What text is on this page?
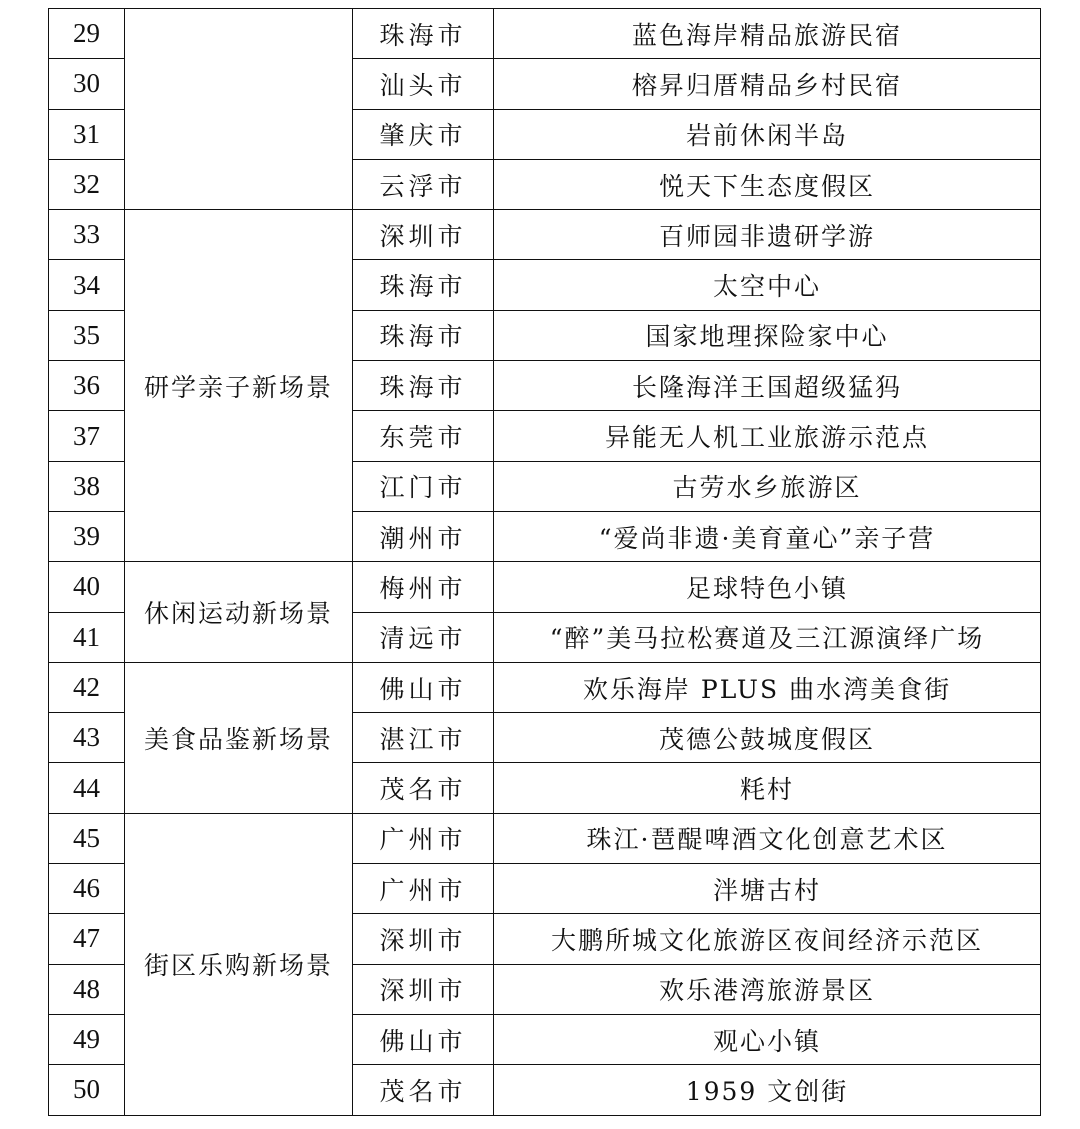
29		珠海市	蓝色海岸精品旅游民宿
30		汕头市	榕昇归厝精品乡村民宿
31		肇庆市	岩前休闲半岛
32		云浮市	悦天下生态度假区
33	研学亲子新场景	深圳市	百师园非遗研学游
34		珠海市	太空中心
35		珠海市	国家地理探险家中心
36		珠海市	长隆海洋王国超级猛犸
37		东莞市	异能无人机工业旅游示范点
38		江门市	古劳水乡旅游区
39		潮州市	“爱尚非遗·美育童心”亲子营
40	休闲运动新场景	梅州市	足球特色小镇
41		清远市	“醉”美马拉松赛道及三江源演绎广场
42	美食品鉴新场景	佛山市	欢乐海岸 PLUS 曲水湾美食街
43		湛江市	茂德公鼓城度假区
44		茂名市	粍村
45	街区乐购新场景	广州市	珠江·琶醍啤酒文化创意艺术区
46		广州市	泮塘古村
47		深圳市	大鹏所城文化旅游区夜间经济示范区
48		深圳市	欢乐港湾旅游景区
49		佛山市	观心小镇
50		茂名市	1959 文创街
